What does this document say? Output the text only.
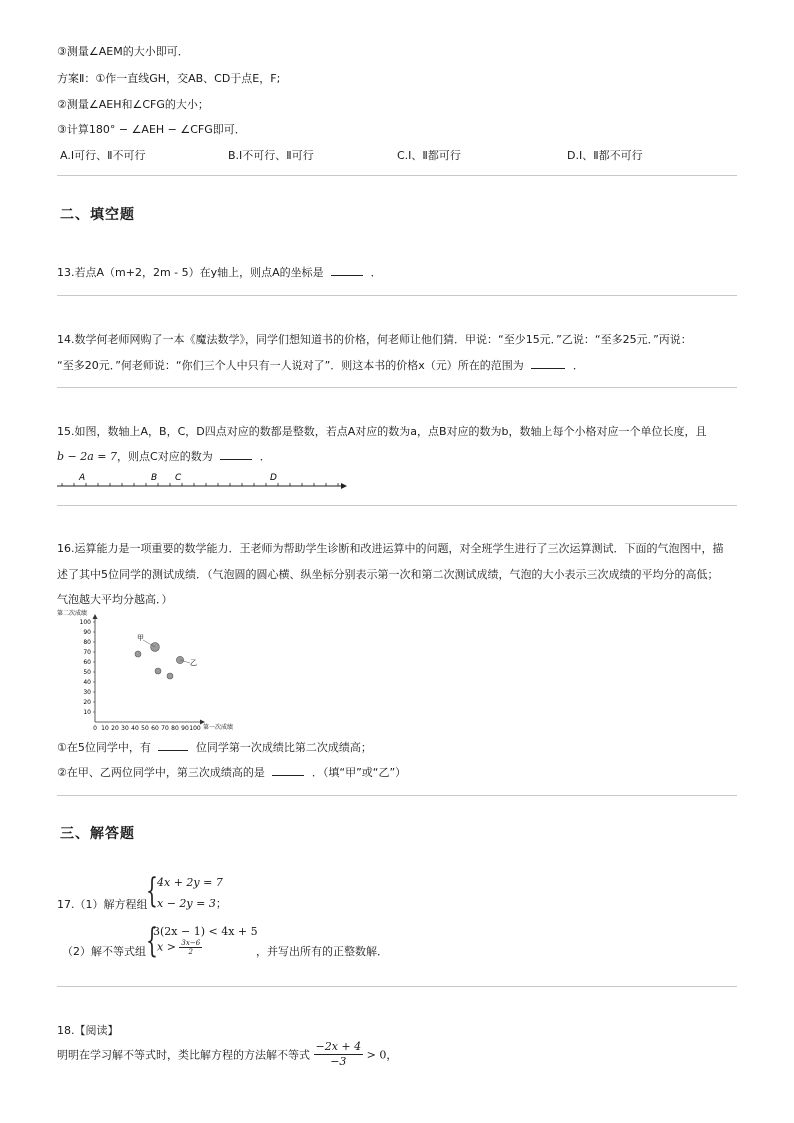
③测量∠AEM的大小即可．
方案Ⅱ：①作一直线GH，交AB、CD于点E，F;
②测量∠AEH和∠CFG的大小；
③计算180° − ∠AEH − ∠CFG即可．
A.Ⅰ可行、Ⅱ不可行	B.Ⅰ不可行、Ⅱ可行	C.Ⅰ、Ⅱ都可行	D.Ⅰ、Ⅱ都不可行
二、填空题
13.若点A（m+2，2m - 5）在y轴上，则点A的坐标是	．
14.数学何老师网购了一本《魔法数学》，同学们想知道书的价格，何老师让他们猜．甲说：“至少15元．”乙说：“至多25元．”丙说：
“至多20元．”何老师说：“你们三个人中只有一人说对了”．则这本书的价格x（元）所在的范围为	．
15.如图，数轴上A，B，C，D四点对应的数都是整数，若点A对应的数为a，点B对应的数为b，数轴上每个小格对应一个单位长度，且
b − 2a = 7，则点C对应的数为	．
A	B C	D
16.运算能力是一项重要的数学能力．王老师为帮助学生诊断和改进运算中的问题，对全班学生进行了三次运算测试．下面的气泡图中，描
述了其中5位同学的测试成绩．（气泡圆的圆心横、纵坐标分别表示第一次和第二次测试成绩，气泡的大小表示三次成绩的平均分的高低；
气泡越大平均分越高．）
第二次成绩
第一次成绩
10
20
30
40
50
60
70
80
90
100
0 10 20 30 40 50 60 70 80 90 100
甲
乙
①在5位同学中，有	位同学第一次成绩比第二次成绩高；
②在甲、乙两位同学中，第三次成绩高的是	．（填“甲”或“乙”）
三、解答题
17.（1）解方程组
{ 4x + 2y = 7
x − 2y = 3；
（2）解不等式组 {
3(2x − 1) < 4x + 5
$x > \frac{3x-6}{2}$	，并写出所有的正整数解．
18.【阅读】
明明在学习解不等式时，类比解方程的方法解不等式 $\frac{-2x + 4}{-3} > 0$，
